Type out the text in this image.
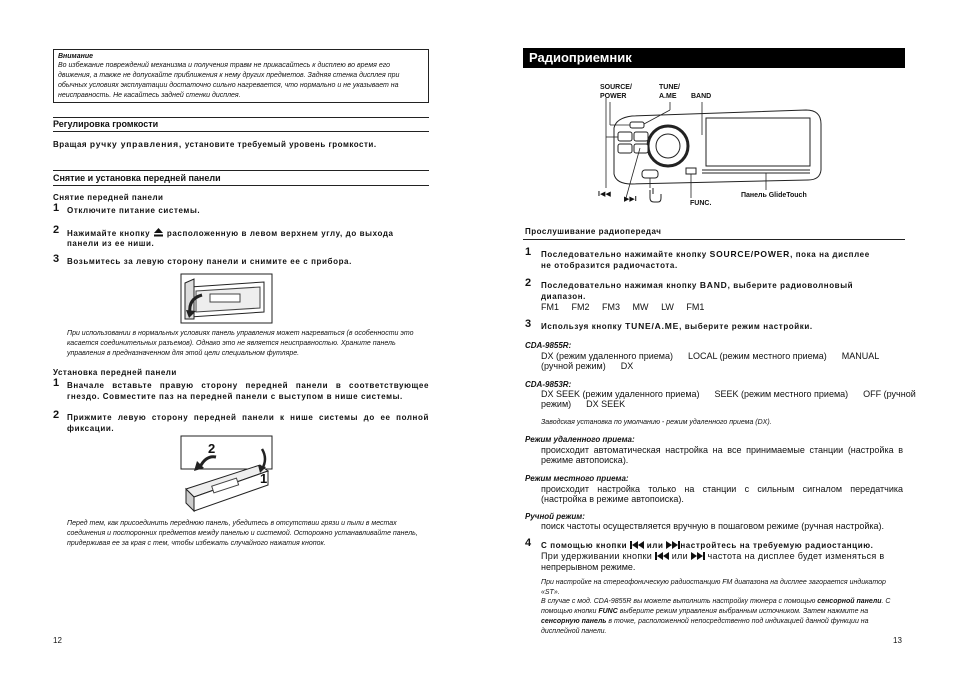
Внимание
Во избежание повреждений механизма и получения травм не прикасайтесь к дисплею во время его движения, а также не допускайте приближения к нему других предметов. Задняя стенка дисплея при обычных условиях эксплуатации достаточно сильно нагревается, что нормально и не указывает на неисправность. Не касайтесь задней стенки дисплея.
Регулировка громкости
Вращая ручку управления, установите требуемый уровень громкости.
Снятие и установка передней панели
Снятие передней панели
1 Отключите питание системы.
2 Нажимайте кнопку расположенную в левом верхнем углу, до выхода
панели из ее ниши.
3 Возьмитесь за левую сторону панели и снимите ее с прибора.
При использовании в нормальных условиях панель управления может нагреваться (в особенности это касается соединительных разъемов). Однако это не является неисправностью. Храните панель управления в предназначенном для этой цели специальном футляре.
Установка передней панели
1 Вначале вставьте правую сторону передней панели в соответствующее гнездо. Совместите паз на передней панели с выступом в нише системы.
2 Прижмите левую сторону передней панели к нише системы до ее полной фиксации.
2
1
Перед тем, как присоединить переднюю панель, убедитесь в отсутствии грязи и пыли в местах соединения и посторонних предметов между панелью и системой. Осторожно устанавливайте панель, придерживая ее за края с тем, чтобы избежать случайного нажатия кнопок.
12
Радиоприемник
SOURCE/
POWER
TUNE/
A.ME BAND
I◀◀
▶▶I
FUNC.
Панель GlideTouch
Прослушивание радиопередач
1 Последовательно нажимайте кнопку SOURCE/POWER, пока на дисплее
не отобразится радиочастота.
2 Последовательно нажимая кнопку BAND, выберите радиоволновый
диапазон.
FM1 FM2 FM3 MW LW FM1
3 Используя кнопку TUNE/A.ME, выберите режим настройки.
CDA-9855R:
DX (режим удаленного приема)      LOCAL (режим местного приема)      MANUAL
(ручной режим)      DX
CDA-9853R:
DX SEEK (режим удаленного приема)      SEEK (режим местного приема)      OFF (ручной
режим)      DX SEEK
Заводская установка по умолчанию - режим удаленного приема (DX).
Режим удаленного приема:
происходит автоматическая настройка на все принимаемые станции (настройка в режиме автопоиска).
Режим местного приема:
происходит настройка только на станции с сильным сигналом передатчика (настройка в режиме автопоиска).
Ручной режим:
поиск частоты осуществляется вручную в пошаговом режиме (ручная настройка).
4 С помощью кнопки или настройтесь на требуемую радиостанцию.
При удерживании кнопки или частота на дисплее будет изменяться в
непрерывном режиме.
При настройке на стереофоническую радиостанцию FM диапазона на дисплее загорается индикатор «ST».
В случае с мод. CDA-9855R вы можете выполнить настройку тюнера с помощью сенсорной панели. С помощью кнопки FUNC выберите режим управления выбранным источником. Затем нажмите на сенсорную панель в точке, расположенной непосредственно под индикацией данной функции на дисплейной панели.
13
